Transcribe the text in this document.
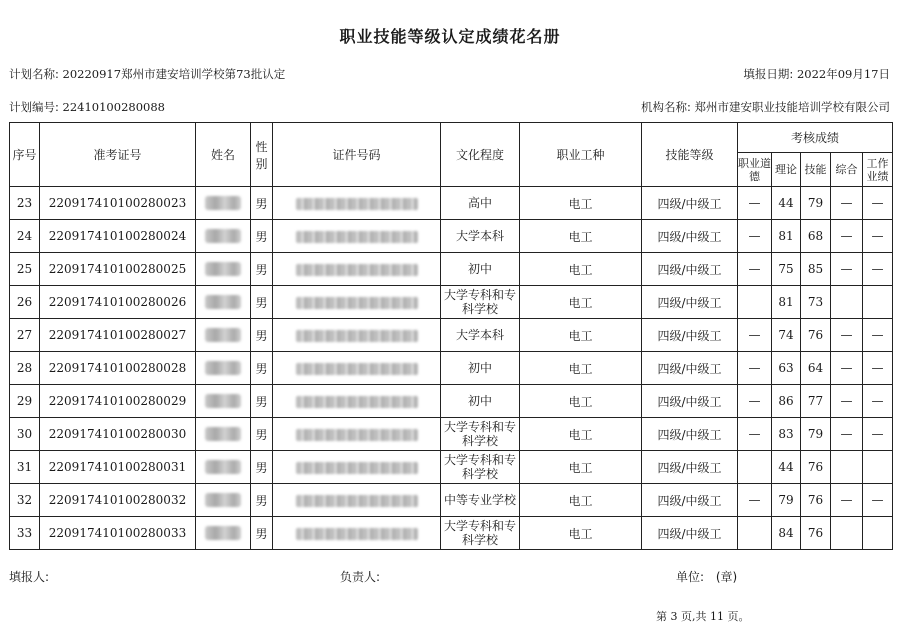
职业技能等级认定成绩花名册
计划名称: 20220917郑州市建安培训学校第73批认定	填报日期: 2022年09月17日
计划编号: 22410100280088	机构名称: 郑州市建安职业技能培训学校有限公司
序号	准考证号	姓名	性别	证件号码	文化程度	职业工种	技能等级	考核成绩				
								职业道德	理论	技能	综合	工作业绩
23	220917410100280023		男		高中	电工	四级/中级工	—	44	79	—	—
24	220917410100280024		男		大学本科	电工	四级/中级工	—	81	68	—	—
25	220917410100280025		男		初中	电工	四级/中级工	—	75	85	—	—
26	220917410100280026		男		大学专科和专科学校	电工	四级/中级工		81	73		
27	220917410100280027		男		大学本科	电工	四级/中级工	—	74	76	—	—
28	220917410100280028		男		初中	电工	四级/中级工	—	63	64	—	—
29	220917410100280029		男		初中	电工	四级/中级工	—	86	77	—	—
30	220917410100280030		男		大学专科和专科学校	电工	四级/中级工	—	83	79	—	—
31	220917410100280031		男		大学专科和专科学校	电工	四级/中级工		44	76		
32	220917410100280032		男		中等专业学校	电工	四级/中级工	—	79	76	—	—
33	220917410100280033		男		大学专科和专科学校	电工	四级/中级工		84	76		
填报人:	负责人:	单位: (章)
第 3 页,共 11 页。
